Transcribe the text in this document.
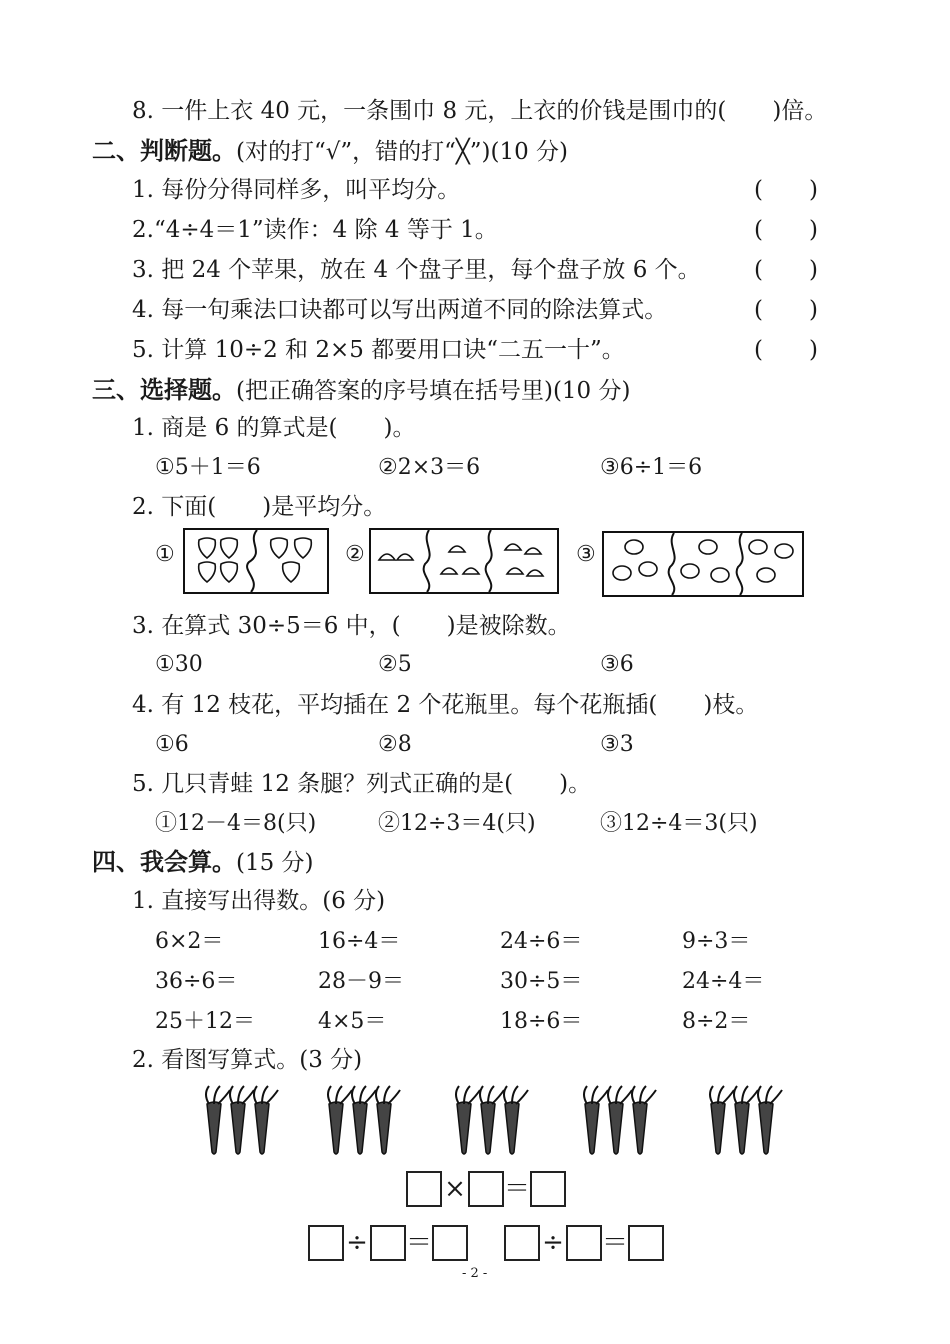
8. 一件上衣 40 元，一条围巾 8 元，上衣的价钱是围巾的(　　)倍。
二、判断题。(对的打“√”，错的打“╳”)(10 分)
1. 每份分得同样多，叫平均分。	(　　)
2.“4÷4＝1”读作：4 除 4 等于 1。	(　　)
3. 把 24 个苹果，放在 4 个盘子里，每个盘子放 6 个。 (　　)
4. 每一句乘法口诀都可以写出两道不同的除法算式。	(　　)
5. 计算 10÷2 和 2×5 都要用口诀“二五一十”。	(　　)
三、选择题。(把正确答案的序号填在括号里)(10 分)
1. 商是 6 的算式是(　　)。
①5＋1＝6	②2×3＝6	③6÷1＝6
2. 下面(　　)是平均分。
①	②	③
3. 在算式 30÷5＝6 中，(　　)是被除数。
①30	②5	③6
4. 有 12 枝花，平均插在 2 个花瓶里。每个花瓶插(　　)枝。
①6	②8	③3
5. 几只青蛙 12 条腿？列式正确的是(　　)。
①12－4＝8(只)	②12÷3＝4(只)	③12÷4＝3(只)
四、我会算。(15 分)
1. 直接写出得数。(6 分)
6×2＝	16÷4＝	24÷6＝	9÷3＝
36÷6＝	28－9＝	30÷5＝	24÷4＝
25＋12＝	4×5＝	18÷6＝	8÷2＝
2. 看图写算式。(3 分)
× ＝
÷ ＝	÷ ＝
- 2 -
